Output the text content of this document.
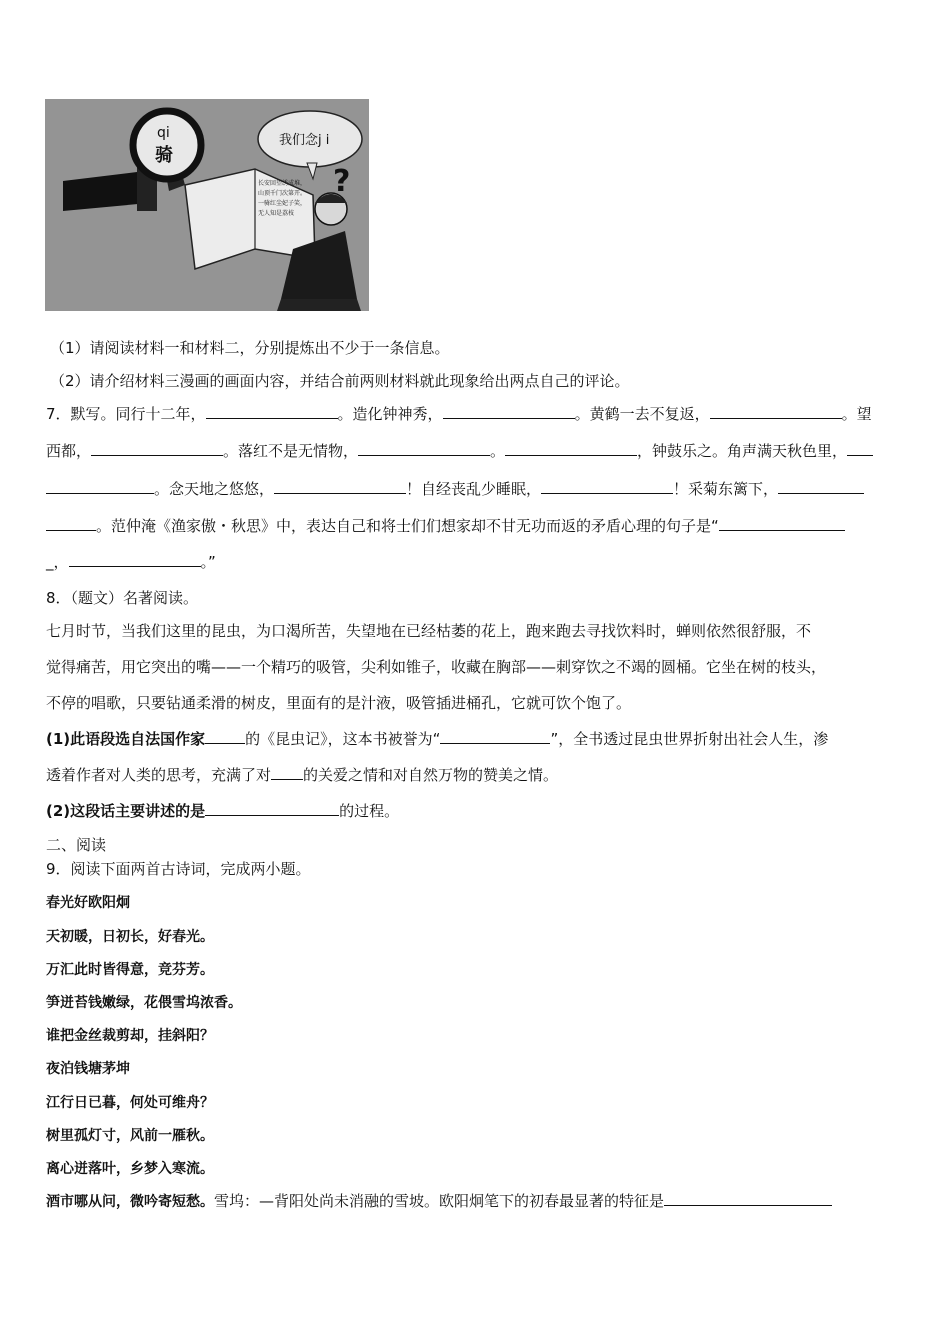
qi
骑
我们念j i
长安回望绣成堆，
山顶千门次第开。
一骑红尘妃子笑，
无人知是荔枝
?
（1）请阅读材料一和材料二，分别提炼出不少于一条信息。
（2）请介绍材料三漫画的画面内容，并结合前两则材料就此现象给出两点自己的评论。
7．默写。同行十二年，	。造化钟神秀，	。黄鹤一去不复返，	。望
西都，	。落红不是无情物，	。	，钟鼓乐之。角声满天秋色里，
。念天地之悠悠，	！自经丧乱少睡眠，	！采菊东篱下，
。范仲淹《渔家傲・秋思》中，表达自己和将士们们想家却不甘无功而返的矛盾心理的句子是“
_，	。”
8．（题文）名著阅读。
七月时节，当我们这里的昆虫，为口渴所苦，失望地在已经枯萎的花上，跑来跑去寻找饮料时，蝉则依然很舒服，不
觉得痛苦，用它突出的嘴——一个精巧的吸管，尖利如锥子，收藏在胸部——刺穿饮之不竭的圆桶。它坐在树的枝头，
不停的唱歌，只要钻通柔滑的树皮，里面有的是汁液，吸管插进桶孔，它就可饮个饱了。
(1)此语段选自法国作家	的《昆虫记》，这本书被誉为“	”，全书透过昆虫世界折射出社会人生，渗
透着作者对人类的思考，充满了对 的关爱之情和对自然万物的赞美之情。
(2)这段话主要讲述的是	的过程。
二、阅读
9．阅读下面两首古诗词，完成两小题。
春光好欧阳炯
天初暖，日初长，好春光。
万汇此时皆得意，竞芬芳。
笋迸苔钱嫩绿，花偎雪坞浓香。
谁把金丝裁剪却，挂斜阳？
夜泊钱塘茅坤
江行日已暮，何处可维舟？
树里孤灯寸，风前一雁秋。
离心迸落叶，乡梦入寒流。
酒市哪从问，微吟寄短愁。雪坞：—背阳处尚未消融的雪坡。欧阳炯笔下的初春最显著的特征是
